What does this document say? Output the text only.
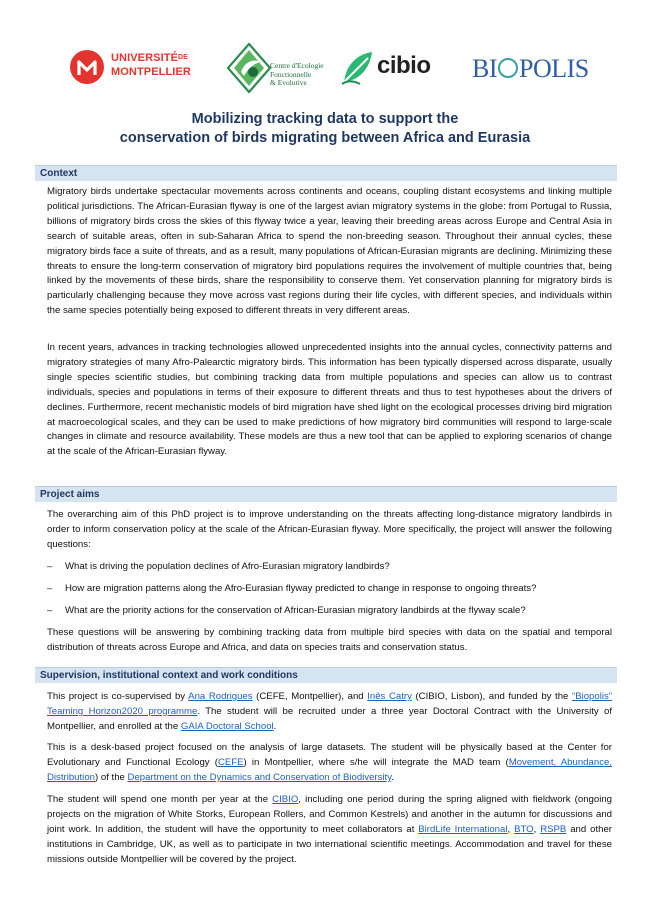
$UNIVERSITÉ^{DE}$
MONTPELLIER
Centre d'Ecologie
Fonctionnelle
& Evolutive
cibio BI POLIS
Mobilizing tracking data to support the
conservation of birds migrating between Africa and Eurasia
Context
Migratory birds undertake spectacular movements across continents and oceans, coupling distant ecosystems and linking multiple political jurisdictions. The African-Eurasian flyway is one of the largest avian migratory systems in the globe: from Portugal to Russia, billions of migratory birds cross the skies of this flyway twice a year, leaving their breeding areas across Europe and Central Asia in search of suitable areas, often in sub-Saharan Africa to spend the non-breeding season. Throughout their annual cycles, these migratory birds face a suite of threats, and as a result, many populations of African-Eurasian migrants are declining. Minimizing these threats to ensure the long-term conservation of migratory bird populations requires the involvement of multiple countries that, being linked by the movements of these birds, share the responsibility to conserve them. Yet conservation planning for migratory birds is particularly challenging because they move across vast regions during their life cycles, with different species, and individuals within the same species potentially being exposed to different threats in very different areas.
In recent years, advances in tracking technologies allowed unprecedented insights into the annual cycles, connectivity patterns and migratory strategies of many Afro-Palearctic migratory birds. This information has been typically dispersed across disparate, usually single species scientific studies, but combining tracking data from multiple populations and species can allow us to contrast individuals, species and populations in terms of their exposure to different threats and thus to test hypotheses about the drivers of declines. Furthermore, recent mechanistic models of bird migration have shed light on the ecological processes driving bird migration at macroecological scales, and they can be used to make predictions of how migratory bird communities will respond to large-scale changes in climate and resource availability. These models are thus a new tool that can be applied to exploring scenarios of change at the scale of the African-Eurasian flyway.
Project aims
The overarching aim of this PhD project is to improve understanding on the threats affecting long-distance migratory landbirds in order to inform conservation policy at the scale of the African-Eurasian flyway. More specifically, the project will answer the following questions:
– What is driving the population declines of Afro-Eurasian migratory landbirds?
– How are migration patterns along the Afro-Eurasian flyway predicted to change in response to ongoing threats?
– What are the priority actions for the conservation of African-Eurasian migratory landbirds at the flyway scale?
These questions will be answering by combining tracking data from multiple bird species with data on the spatial and temporal distribution of threats across Europe and Africa, and data on species traits and conservation status.
Supervision, institutional context and work conditions
This project is co-supervised by Ana Rodrigues (CEFE, Montpellier), and Inês Catry (CIBIO, Lisbon), and funded by the “Biopolis” Teaming Horizon2020 programme. The student will be recruited under a three year Doctoral Contract with the University of Montpellier, and enrolled at the GAIA Doctoral School.
This is a desk-based project focused on the analysis of large datasets. The student will be physically based at the Center for Evolutionary and Functional Ecology (CEFE) in Montpellier, where s/he will integrate the MAD team (Movement, Abundance, Distribution) of the Department on the Dynamics and Conservation of Biodiversity.
The student will spend one month per year at the CIBIO, including one period during the spring aligned with fieldwork (ongoing projects on the migration of White Storks, European Rollers, and Common Kestrels) and another in the autumn for discussions and joint work. In addition, the student will have the opportunity to meet collaborators at BirdLife International, BTO, RSPB and other institutions in Cambridge, UK, as well as to participate in two international scientific meetings. Accommodation and travel for these missions outside Montpellier will be covered by the project.
